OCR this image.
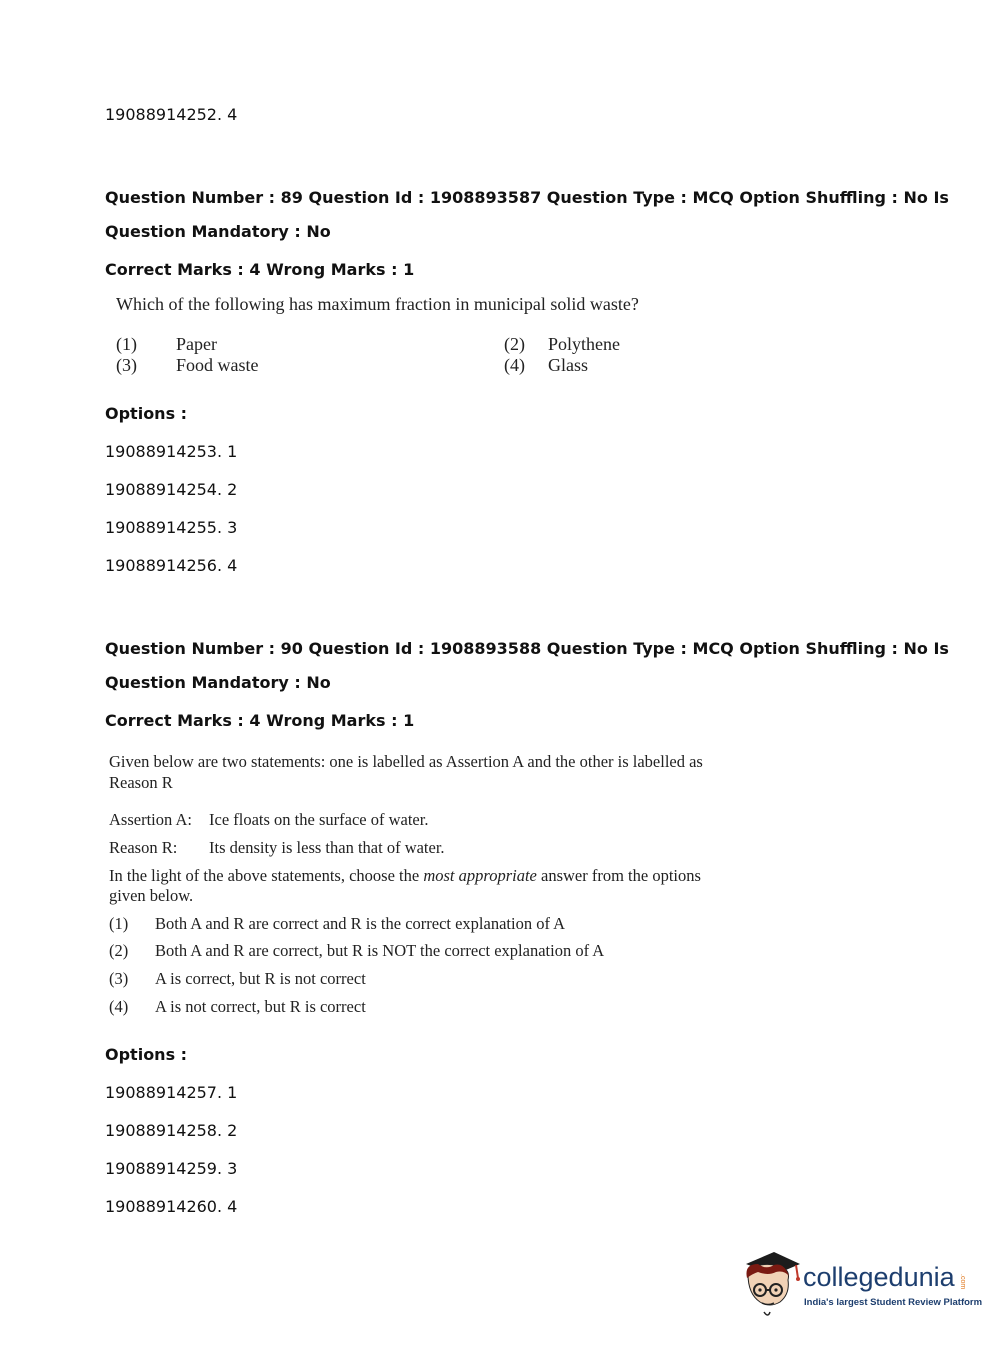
19088914252. 4
Question Number : 89 Question Id : 1908893587 Question Type : MCQ Option Shuffling : No Is
Question Mandatory : No
Correct Marks : 4 Wrong Marks : 1
Which of the following has maximum fraction in municipal solid waste?
(1) Paper	(2) Polythene
(3) Food waste	(4) Glass
Options :
19088914253. 1
19088914254. 2
19088914255. 3
19088914256. 4
Question Number : 90 Question Id : 1908893588 Question Type : MCQ Option Shuffling : No Is
Question Mandatory : No
Correct Marks : 4 Wrong Marks : 1
Given below are two statements: one is labelled as Assertion A and the other is labelled as
Reason R
Assertion A: Ice floats on the surface of water.
Reason R: Its density is less than that of water.
In the light of the above statements, choose the most appropriate answer from the options
given below.
(1) Both A and R are correct and R is the correct explanation of A
(2) Both A and R are correct, but R is NOT the correct explanation of A
(3) A is correct, but R is not correct
(4) A is not correct, but R is correct
Options :
19088914257. 1
19088914258. 2
19088914259. 3
19088914260. 4
collegedunia .com
India's largest Student Review Platform
